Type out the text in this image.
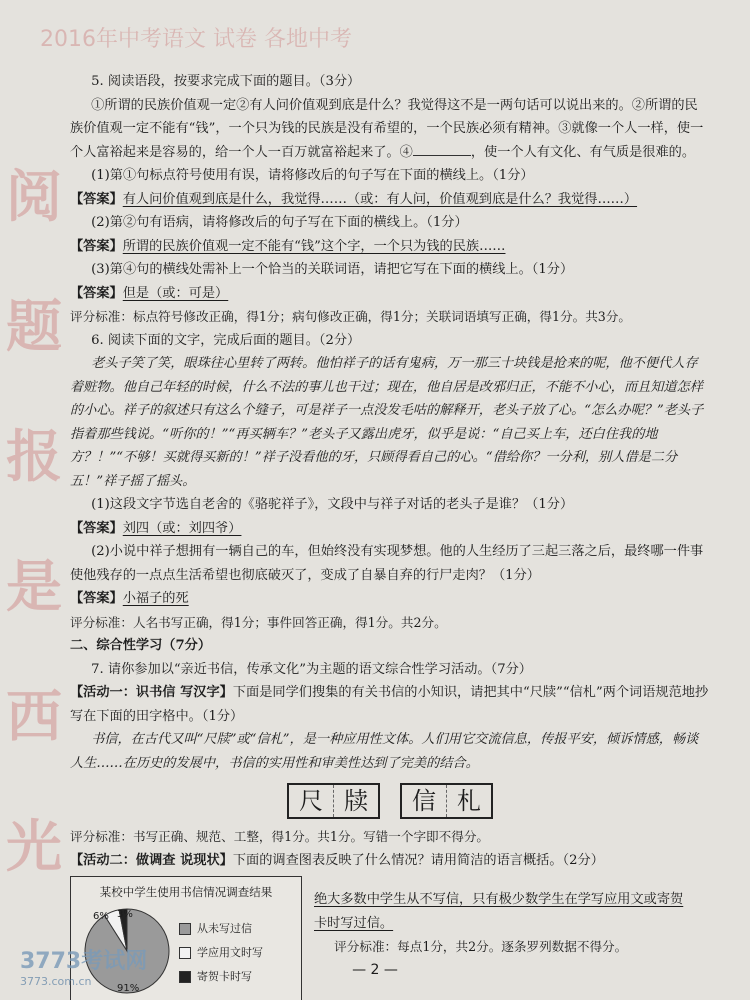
2016年中考语文 试卷 各地中考
阅
题
报
是
西
光

5. 阅读语段，按要求完成下面的题目。（3分）

①所谓的民族价值观一定②有人问价值观到底是什么？我觉得这不是一两句话可以说出来的。②所谓的民族价值观一定不能有“钱”，一个只为钱的民族是没有希望的，一个民族必须有精神。③就像一个人一样，使一个人富裕起来是容易的，给一个人一百万就富裕起来了。④	，使一个人有文化、有气质是很难的。

(1)第①句标点符号使用有误，请将修改后的句子写在下面的横线上。（1分）

【答案】有人问价值观到底是什么，我觉得……（或：有人问，价值观到底是什么？我觉得……）

(2)第②句有语病，请将修改后的句子写在下面的横线上。（1分）

【答案】所谓的民族价值观一定不能有“钱”这个字，一个只为钱的民族……

(3)第④句的横线处需补上一个恰当的关联词语，请把它写在下面的横线上。（1分）

【答案】但是（或：可是）

评分标准：标点符号修改正确，得1分；病句修改正确，得1分；关联词语填写正确，得1分。共3分。

6. 阅读下面的文字，完成后面的题目。（2分）

老头子笑了笑，眼珠往心里转了两转。他怕祥子的话有鬼病，万一那三十块钱是抢来的呢，他不便代人存着赃物。他自己年轻的时候，什么不法的事儿也干过；现在，他自居是改邪归正，不能不小心，而且知道怎样的小心。祥子的叙述只有这么个缝子，可是祥子一点没发毛咕的解释开，老头子放了心。“怎么办呢？”老头子指着那些钱说。“听你的！”“再买辆车？”老头子又露出虎牙，似乎是说：“自己买上车，还白住我的地方？！”“不够！买就得买新的！”祥子没看他的牙，只顾得看自己的心。“借给你？一分利，别人借是二分五！”祥子摇了摇头。

(1)这段文字节选自老舍的《骆驼祥子》，文段中与祥子对话的老头子是谁？（1分）

【答案】刘四（或：刘四爷）

(2)小说中祥子想拥有一辆自己的车，但始终没有实现梦想。他的人生经历了三起三落之后，最终哪一件事使他残存的一点点生活希望也彻底破灭了，变成了自暴自弃的行尸走肉？（1分）

【答案】小福子的死

评分标准：人名书写正确，得1分；事件回答正确，得1分。共2分。

二、综合性学习（7分）

7. 请你参加以“亲近书信，传承文化”为主题的语文综合性学习活动。（7分）

【活动一：识书信 写汉字】下面是同学们搜集的有关书信的小知识，请把其中“尺牍”“信札”两个词语规范地抄写在下面的田字格中。（1分）

书信，在古代又叫“尺牍”或“信札”，是一种应用性文体。人们用它交流信息，传报平安，倾诉情感，畅谈人生……在历史的发展中，书信的实用性和审美性达到了完美的结合。

尺 牍	信 札

评分标准：书写正确、规范、工整，得1分。共1分。写错一个字即不得分。

【活动二：做调查 说现状】下面的调查图表反映了什么情况？请用简洁的语言概括。（2分）

某校中学生使用书信情况调查结果
6% 3%
91%
从未写过信
学应用文时写
寄贺卡时写

绝大多数中学生从不写信，只有极少数学生在学写应用文或寄贺卡时写过信。

评分标准：每点1分，共2分。逐条罗列数据不得分。

3773考试网
3773.com.cn
— 2 —
